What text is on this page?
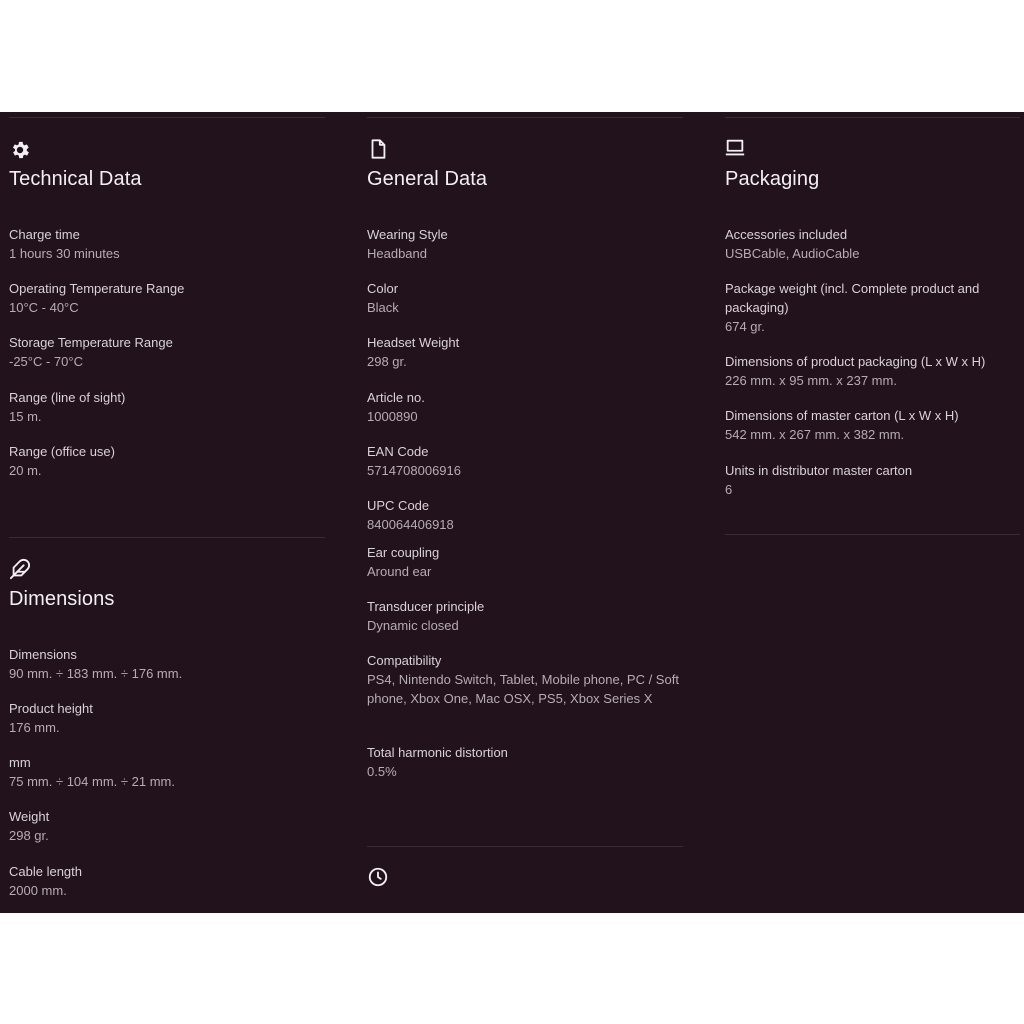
Technical Data
Charge time
1 hours 30 minutes
Operating Temperature Range
10°C - 40°C
Storage Temperature Range
-25°C - 70°C
Range (line of sight)
15 m.
Range (office use)
20 m.
Dimensions
Dimensions
90 mm. ÷ 183 mm. ÷ 176 mm.
Product height
176 mm.
mm
75 mm. ÷ 104 mm. ÷ 21 mm.
Weight
298 gr.
Cable length
2000 mm.
General Data
Wearing Style
Headband
Color
Black
Headset Weight
298 gr.
Article no.
1000890
EAN Code
5714708006916
UPC Code
840064406918
Ear coupling
Around ear
Transducer principle
Dynamic closed
Compatibility
PS4, Nintendo Switch, Tablet, Mobile phone, PC / Soft phone, Xbox One, Mac OSX, PS5, Xbox Series X
Total harmonic distortion
0.5%
Packaging
Accessories included
USBCable, AudioCable
Package weight (incl. Complete product and packaging)
674 gr.
Dimensions of product packaging (L x W x H)
226 mm. x 95 mm. x 237 mm.
Dimensions of master carton (L x W x H)
542 mm. x 267 mm. x 382 mm.
Units in distributor master carton
6
